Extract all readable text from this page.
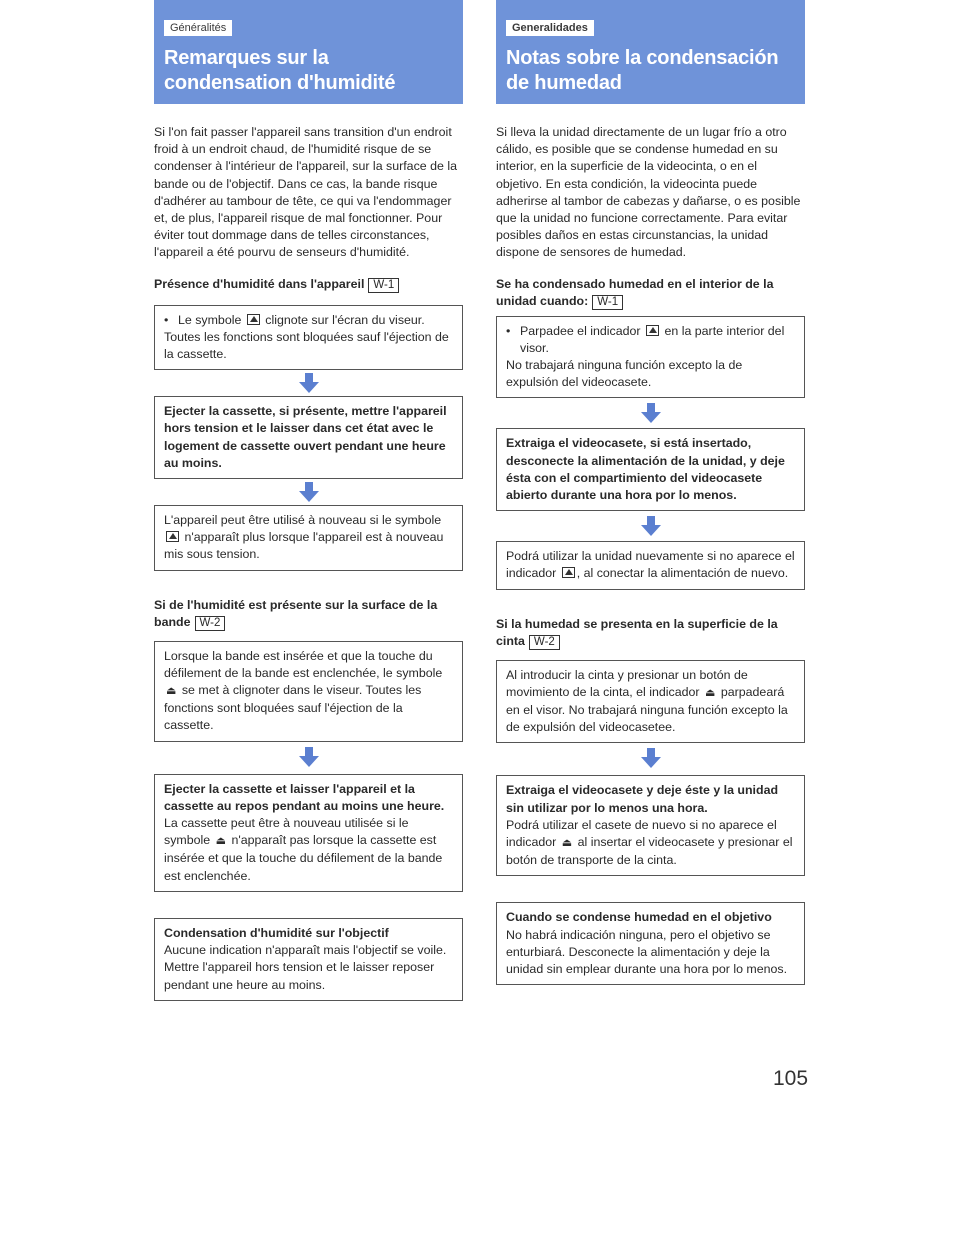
Généralités
Remarques sur la
condensation d'humidité
Si l'on fait passer l'appareil sans transition d'un endroit froid à un endroit chaud, de l'humidité risque de se condenser à l'intérieur de l'appareil, sur la surface de la bande ou de l'objectif. Dans ce cas, la bande risque d'adhérer au tambour de tête, ce qui va l'endommager et, de plus, l'appareil risque de mal fonctionner. Pour éviter tout dommage dans de telles circonstances, l'appareil a été pourvu de senseurs d'humidité.
Présence d'humidité dans l'appareil W-1
• Le symbole clignote sur l'écran du viseur.
Toutes les fonctions sont bloquées sauf l'éjection de la cassette.
Ejecter la cassette, si présente, mettre l'appareil hors tension et le laisser dans cet état avec le logement de cassette ouvert pendant une heure au moins.
L'appareil peut être utilisé à nouveau si le symbole  n'apparaît plus lorsque l'appareil est à nouveau mis sous tension.
Si de l'humidité est présente sur la surface de la bande W-2
Lorsque la bande est insérée et que la touche du défilement de la bande est enclenchée, le symbole ⏏ se met à clignoter dans le viseur. Toutes les fonctions sont bloquées sauf l'éjection de la cassette.
Ejecter la cassette et laisser l'appareil et la cassette au repos pendant au moins une heure.
La cassette peut être à nouveau utilisée si le symbole ⏏ n'apparaît pas lorsque la cassette est insérée et que la touche du défilement de la bande est enclenchée.
Condensation d'humidité sur l'objectif
Aucune indication n'apparaît mais l'objectif se voile.
Mettre l'appareil hors tension et le laisser reposer pendant une heure au moins.
Generalidades
Notas sobre la condensación
de humedad
Si lleva la unidad directamente de un lugar frío a otro cálido, es posible que se condense humedad en su interior, en la superficie de la videocinta, o en el objetivo. En esta condición, la videocinta puede adherirse al tambor de cabezas y dañarse, o es posible que la unidad no funcione correctamente. Para evitar posibles daños en estas circunstancias, la unidad dispone de sensores de humedad.
Se ha condensado humedad en el interior de la unidad cuando: W-1
• Parpadee el indicador en la parte interior del visor.
No trabajará ninguna función excepto la de expulsión del videocasete.
Extraiga el videocasete, si está insertado, desconecte la alimentación de la unidad, y deje ésta con el compartimiento del videocasete abierto durante una hora por lo menos.
Podrá utilizar la unidad nuevamente si no aparece el indicador , al conectar la alimentación de nuevo.
Si la humedad se presenta en la superficie de la cinta W-2
Al introducir la cinta y presionar un botón de movimiento de la cinta, el indicador ⏏ parpadeará en el visor. No trabajará ninguna función excepto la de expulsión del videocasetee.
Extraiga el videocasete y deje éste y la unidad sin utilizar por lo menos una hora.
Podrá utilizar el casete de nuevo si no aparece el indicador ⏏ al insertar el videocasete y presionar el botón de transporte de la cinta.
Cuando se condense humedad en el objetivo
No habrá indicación ninguna, pero el objetivo se enturbiará. Desconecte la alimentación y deje la unidad sin emplear durante una hora por lo menos.
105
